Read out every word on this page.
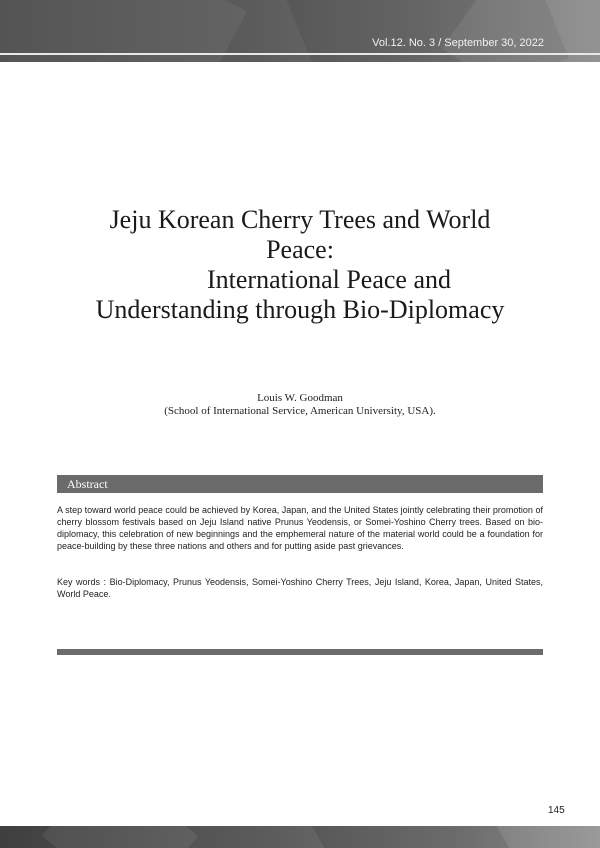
Vol.12. No. 3 / September 30, 2022
Jeju Korean Cherry Trees and World
Peace:
International Peace and
Understanding through Bio-Diplomacy
Louis W. Goodman
(School of International Service, American University, USA).
Abstract

A step toward world peace could be achieved by Korea, Japan, and the United States jointly celebrating their promotion of cherry blossom festivals based on Jeju Island native Prunus Yeodensis, or Somei-Yoshino Cherry trees. Based on bio-diplomacy, this celebration of new beginnings and the emphemeral nature of the material world could be a foundation for peace-building by these three nations and others and for putting aside past grievances.

Key words : Bio-Diplomacy, Prunus Yeodensis, Somei-Yoshino Cherry Trees, Jeju Island, Korea, Japan, United States, World Peace.

145
